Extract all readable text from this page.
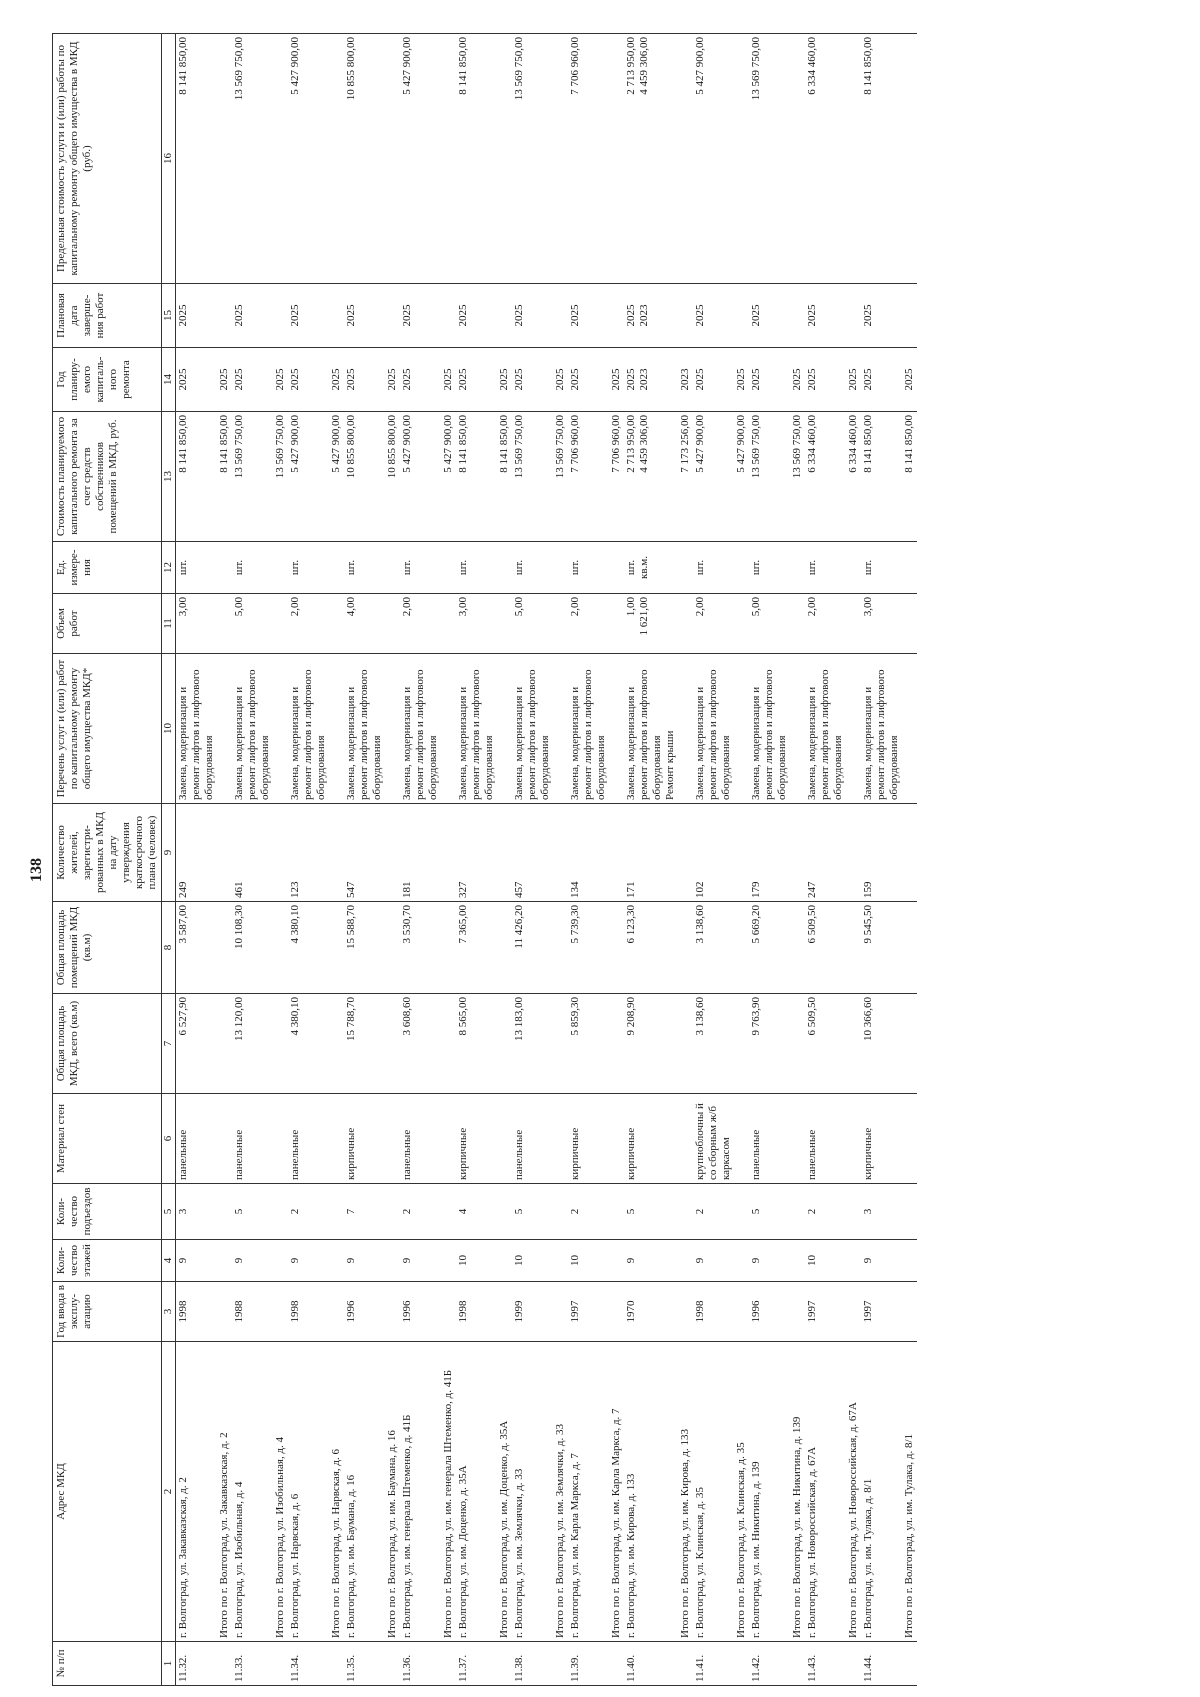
138
№ п/п	Адрес МКД	Год ввода в эксплу-атацию	Коли-чество этажей	Коли-чество подъездов	Материал стен	Общая площадь МКД, всего (кв.м)	Общая площадь помещений МКД (кв.м)	Количество жителей, зарегистри-рованных в МКД на дату утверждения краткосрочного плана (человек)	Перечень услуг и (или) работ по капитальному ремонту общего имущества МКД*	Объем работ	Ед. измере-ния	Стоимость планируемого капитального ремонта за счет средств собственников помещений в МКД, руб.	Год планиру-емого капиталь-ного ремонта	Плановая дата заверше-ния работ	Предельная стоимость услуги и (или) работы по капитальному ремонту общего имущества в МКД (руб.)
1	2	3	4	5	6	7	8	9	10	11	12	13	14	15	16
11.32.	г. Волгоград, ул. Закавказская, д. 2	1998	9	3	панельные	6 527,90	3 587,00	249	Замена, модернизация и ремонт лифтов и лифтового оборудования	3,00	шт.	8 141 850,00	2025	2025	8 141 850,00

	Итого по г. Волгоград, ул. Закавказская, д. 2											8 141 850,00	2025		
11.33.	г. Волгоград, ул. Изобильная, д. 4	1988	9	5	панельные	13 120,00	10 108,30	461	Замена, модернизация и ремонт лифтов и лифтового оборудования	5,00	шт.	13 569 750,00	2025	2025	13 569 750,00

	Итого по г. Волгоград, ул. Изобильная, д. 4											13 569 750,00	2025		
11.34.	г. Волгоград, ул. Нарвская, д. 6	1998	9	2	панельные	4 380,10	4 380,10	123	Замена, модернизация и ремонт лифтов и лифтового оборудования	2,00	шт.	5 427 900,00	2025	2025	5 427 900,00

	Итого по г. Волгоград, ул. Нарвская, д. 6											5 427 900,00	2025		
11.35.	г. Волгоград, ул. им. Баумана, д. 16	1996	9	7	кирпичные	15 788,70	15 588,70	547	Замена, модернизация и ремонт лифтов и лифтового оборудования	4,00	шт.	10 855 800,00	2025	2025	10 855 800,00

	Итого по г. Волгоград, ул. им. Баумана, д. 16											10 855 800,00	2025		
11.36.	г. Волгоград, ул. им. генерала Штеменко, д. 41Б	1996	9	2	панельные	3 608,60	3 530,70	181	Замена, модернизация и ремонт лифтов и лифтового оборудования	2,00	шт.	5 427 900,00	2025	2025	5 427 900,00

	Итого по г. Волгоград, ул. им. генерала Штеменко, д. 41Б											5 427 900,00	2025		
11.37.	г. Волгоград, ул. им. Доценко, д. 35А	1998	10	4	кирпичные	8 565,00	7 365,00	327	Замена, модернизация и ремонт лифтов и лифтового оборудования	3,00	шт.	8 141 850,00	2025	2025	8 141 850,00

	Итого по г. Волгоград, ул. им. Доценко, д. 35А											8 141 850,00	2025		
11.38.	г. Волгоград, ул. им. Землячки, д. 33	1999	10	5	панельные	13 183,00	11 426,20	457	Замена, модернизация и ремонт лифтов и лифтового оборудования	5,00	шт.	13 569 750,00	2025	2025	13 569 750,00

	Итого по г. Волгоград, ул. им. Землячки, д. 33											13 569 750,00	2025		
11.39.	г. Волгоград, ул. им. Карла Маркса, д. 7	1997	10	2	кирпичные	5 859,30	5 739,30	134	Замена, модернизация и ремонт лифтов и лифтового оборудования	2,00	шт.	7 706 960,00	2025	2025	7 706 960,00

	Итого по г. Волгоград, ул. им. Карла Маркса, д. 7											7 706 960,00	2025		
11.40.	г. Волгоград, ул. им. Кирова, д. 133	1970	9	5	кирпичные	9 208,90	6 123,30	171	Замена, модернизация и ремонт лифтов и лифтового оборудования Ремонт крыши	1,00 1 621,00	шт. кв.м.	2 713 950,00 4 459 306,00	2025 2023	2025 2023	2 713 950,00 4 459 306,00

	Итого по г. Волгоград, ул. им. Кирова, д. 133											7 173 256,00	2023		
11.41.	г. Волгоград, ул. Клинская, д. 35	1998	9	2	крупноблочны й со сборным ж/б каркасом	3 138,60	3 138,60	102	Замена, модернизация и ремонт лифтов и лифтового оборудования	2,00	шт.	5 427 900,00	2025	2025	5 427 900,00

	Итого по г. Волгоград, ул. Клинская, д. 35											5 427 900,00	2025		
11.42.	г. Волгоград, ул. им. Никитина, д. 139	1996	9	5	панельные	9 763,90	5 669,20	179	Замена, модернизация и ремонт лифтов и лифтового оборудования	5,00	шт.	13 569 750,00	2025	2025	13 569 750,00

	Итого по г. Волгоград, ул. им. Никитина, д. 139											13 569 750,00	2025		
11.43.	г. Волгоград, ул. Новороссийская, д. 67А	1997	10	2	панельные	6 509,50	6 509,50	247	Замена, модернизация и ремонт лифтов и лифтового оборудования	2,00	шт.	6 334 460,00	2025	2025	6 334 460,00

	Итого по г. Волгоград, ул. Новороссийская, д. 67А											6 334 460,00	2025		
11.44.	г. Волгоград, ул. им. Тулака, д. 8/1	1997	9	3	кирпичные	10 366,60	9 545,50	159	Замена, модернизация и ремонт лифтов и лифтового оборудования	3,00	шт.	8 141 850,00	2025	2025	8 141 850,00

	Итого по г. Волгоград, ул. им. Тулака, д. 8/1											8 141 850,00	2025		
